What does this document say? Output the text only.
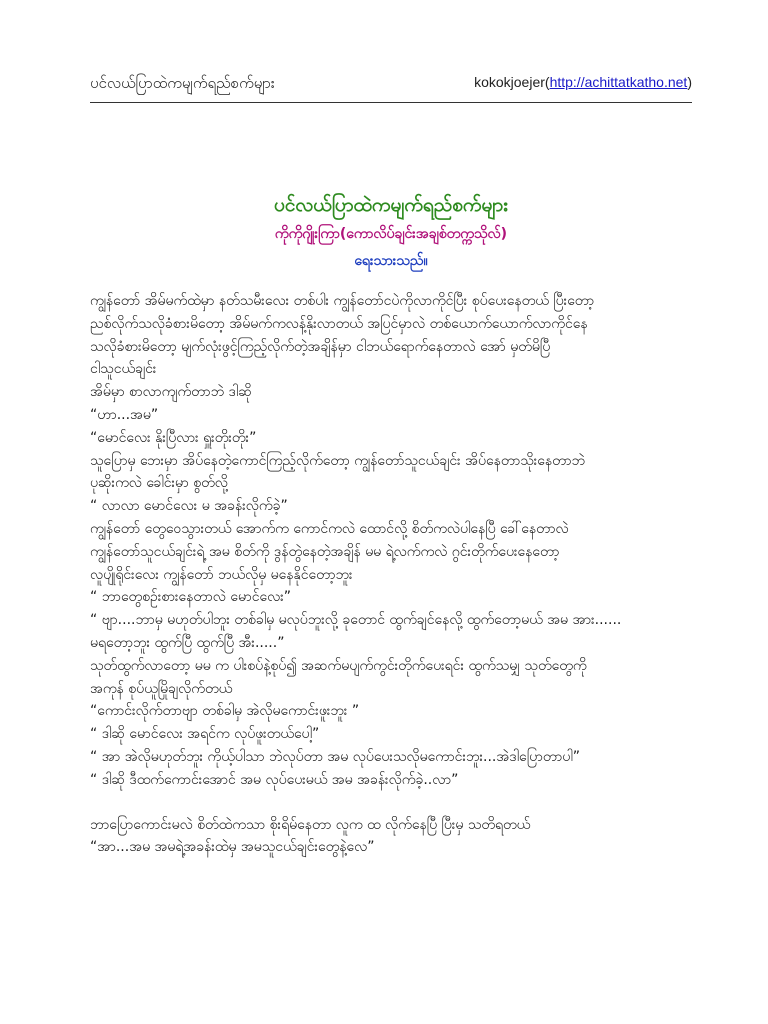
ပင်လယ်ပြာထဲကမျက်ရည်စက်များ	kokokjoejer(http://achittatkatho.net)
ပင်လယ်ပြာထဲကမျက်ရည်စက်များ
ကိုကိုဂျိုးကြာ(ကောလိပ်ချင်းအချစ်တက္ကသိုလ်)
ရေးသားသည်။

ကျွန်တော် အိမ်မက်ထဲမှာ နတ်သမီးလေး တစ်ပါး ကျွန်တော်ငပဲကိုလာကိုင်ပြီး စုပ်ပေးနေတယ် ပြီးတော့

ညစ်လိုက်သလိုခံစားမိတော့ အိမ်မက်ကလန့်နိုးလာတယ် အပြင်မှာလဲ တစ်ယောက်ယောက်လာကိုင်နေ

သလိုခံစားမိတော့ မျက်လုံးဖွင့်ကြည့်လိုက်တဲ့အချိန်မှာ ငါဘယ်ရောက်နေတာလဲ အော် မှတ်မိပြီ

ငါသူငယ်ချင်း

အိမ်မှာ စာလာကျက်တာဘဲ ဒါဆို

“ဟာ...အမ”

“မောင်လေး နိုးပြီလား ရှူးတိုးတိုး”

သူပြောမှ ဘေးမှာ အိပ်နေတဲ့ကောင်ကြည့်လိုက်တော့ ကျွန်တော်သူငယ်ချင်း အိပ်နေတာသိုးနေတာဘဲ

ပုဆိုးကလဲ ခေါင်းမှာ စွတ်လို့

“ လာလာ မောင်လေး မ အခန်းလိုက်ခဲ့”

ကျွန်တော် တွေဝေသွားတယ် အောက်က ကောင်ကလဲ ထောင်လို့ စိတ်ကလဲပါနေပြီ ခေါ်နေတာလဲ

ကျွန်တော်သူငယ်ချင်းရဲ့ အမ စိတ်ကို ဒွန်တွဲနေတဲ့အချိန် မမ ရဲ့လက်ကလဲ ဂွင်းတိုက်ပေးနေတော့

လူပျိုရိုင်းလေး ကျွန်တော် ဘယ်လိုမှ မနေနိုင်တော့ဘူး

“ ဘာတွေစဉ်းစားနေတာလဲ မောင်လေး”

“ ဗျာ....ဘာမှ မဟုတ်ပါဘူး တစ်ခါမှ မလုပ်ဘူးလို့ ခုတောင် ထွက်ချင်နေလို့ ထွက်တော့မယ် အမ အား......

မရတော့ဘူး ထွက်ပြီ ထွက်ပြီ အီး.....”

သုတ်ထွက်လာတော့ မမ က ပါးစပ်နဲ့စုပ်၍ အဆက်မပျက်ကွင်းတိုက်ပေးရင်း ထွက်သမျှ သုတ်တွေကို

အကုန် စုပ်ယူမြိုချလိုက်တယ်

“ကောင်းလိုက်တာဗျာ တစ်ခါမှ အဲလိုမကောင်းဖူးဘူး ”

“ ဒါဆို မောင်လေး အရင်က လုပ်ဖူးတယ်ပေါ့”

“ အာ အဲလိုမဟုတ်ဘူး ကိုယ့်ပါသာ ဘဲလုပ်တာ အမ လုပ်ပေးသလိုမကောင်းဘူး...အဲဒါပြောတာပါ”

“ ဒါဆို ဒီထက်ကောင်းအောင် အမ လုပ်ပေးမယ် အမ အခန်းလိုက်ခဲ့..လာ”

ဘာပြောကောင်းမလဲ စိတ်ထဲကသာ စိုးရိမ်နေတာ လူက ထ လိုက်နေပြီ ပြီးမှ သတိရတယ်

“အာ...အမ အမရဲ့အခန်းထဲမှ အမသူငယ်ချင်းတွေနဲ့လေ”
